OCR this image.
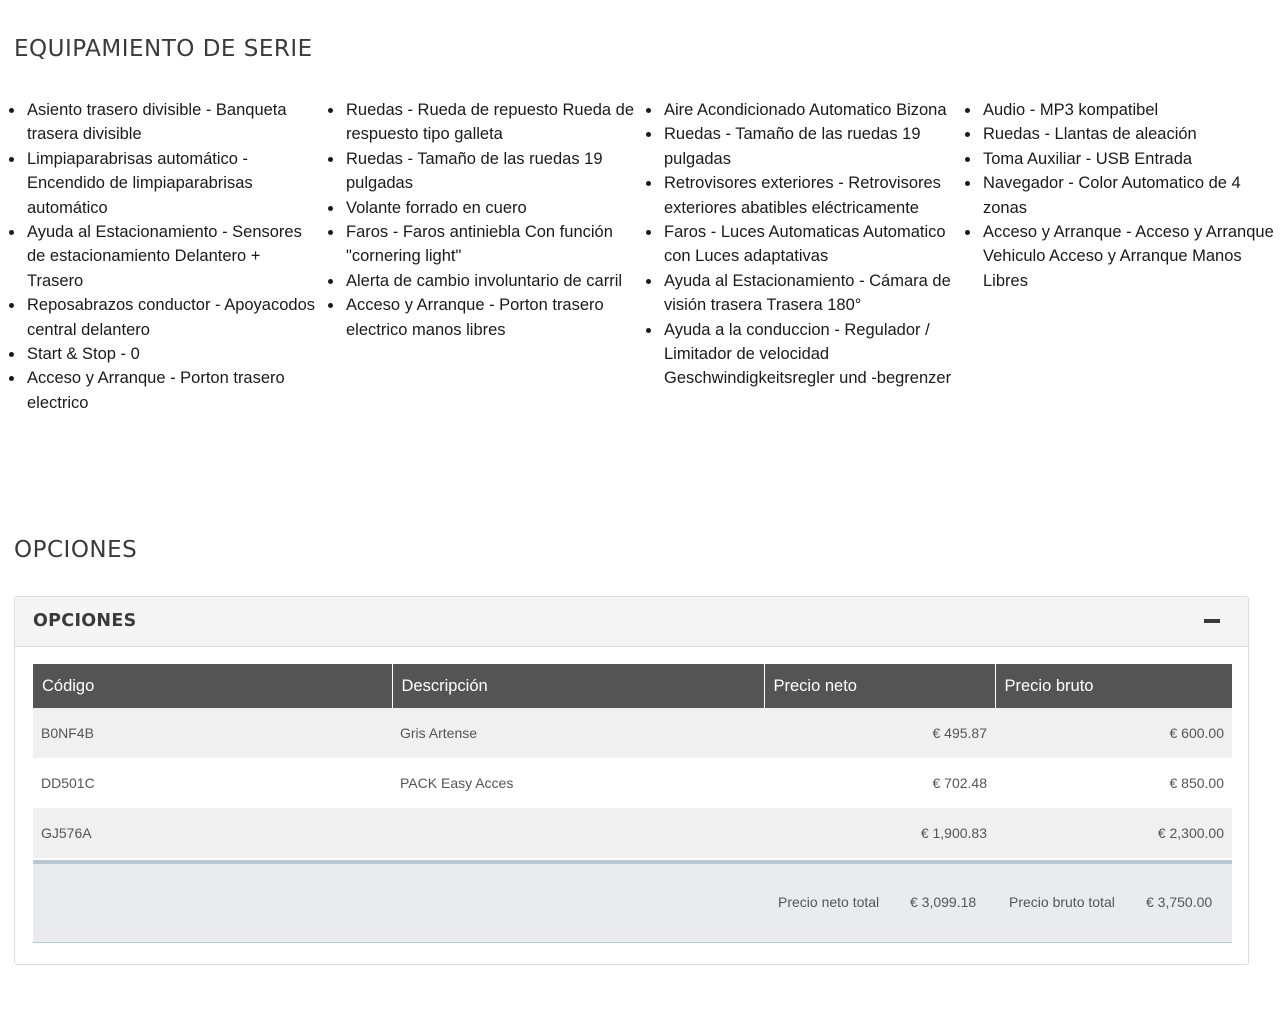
EQUIPAMIENTO DE SERIE
Asiento trasero divisible - Banqueta trasera divisible
Limpiaparabrisas automático - Encendido de limpiaparabrisas automático
Ayuda al Estacionamiento - Sensores de estacionamiento Delantero + Trasero
Reposabrazos conductor - Apoyacodos central delantero
Start & Stop - 0
Acceso y Arranque - Porton trasero electrico
Ruedas - Rueda de repuesto Rueda de respuesto tipo galleta
Ruedas - Tamaño de las ruedas 19 pulgadas
Volante forrado en cuero
Faros - Faros antiniebla Con función "cornering light"
Alerta de cambio involuntario de carril
Acceso y Arranque - Porton trasero electrico manos libres
Aire Acondicionado Automatico Bizona
Ruedas - Tamaño de las ruedas 19 pulgadas
Retrovisores exteriores - Retrovisores exteriores abatibles eléctricamente
Faros - Luces Automaticas Automatico con Luces adaptativas
Ayuda al Estacionamiento - Cámara de visión trasera Trasera 180°
Ayuda a la conduccion - Regulador / Limitador de velocidad Geschwindigkeitsregler und -begrenzer
Audio - MP3 kompatibel
Ruedas - Llantas de aleación
Toma Auxiliar - USB Entrada
Navegador - Color Automatico de 4 zonas
Acceso y Arranque - Acceso y Arranque Vehiculo Acceso y Arranque Manos Libres
OPCIONES
OPCIONES
Código	Descripción	Precio neto	Precio bruto
B0NF4B	Gris Artense	€ 495.87	€ 600.00
DD501C	PACK Easy Acces	€ 702.48	€ 850.00
GJ576A		€ 1,900.83	€ 2,300.00
Precio neto total € 3,099.18 Precio bruto total € 3,750.00
